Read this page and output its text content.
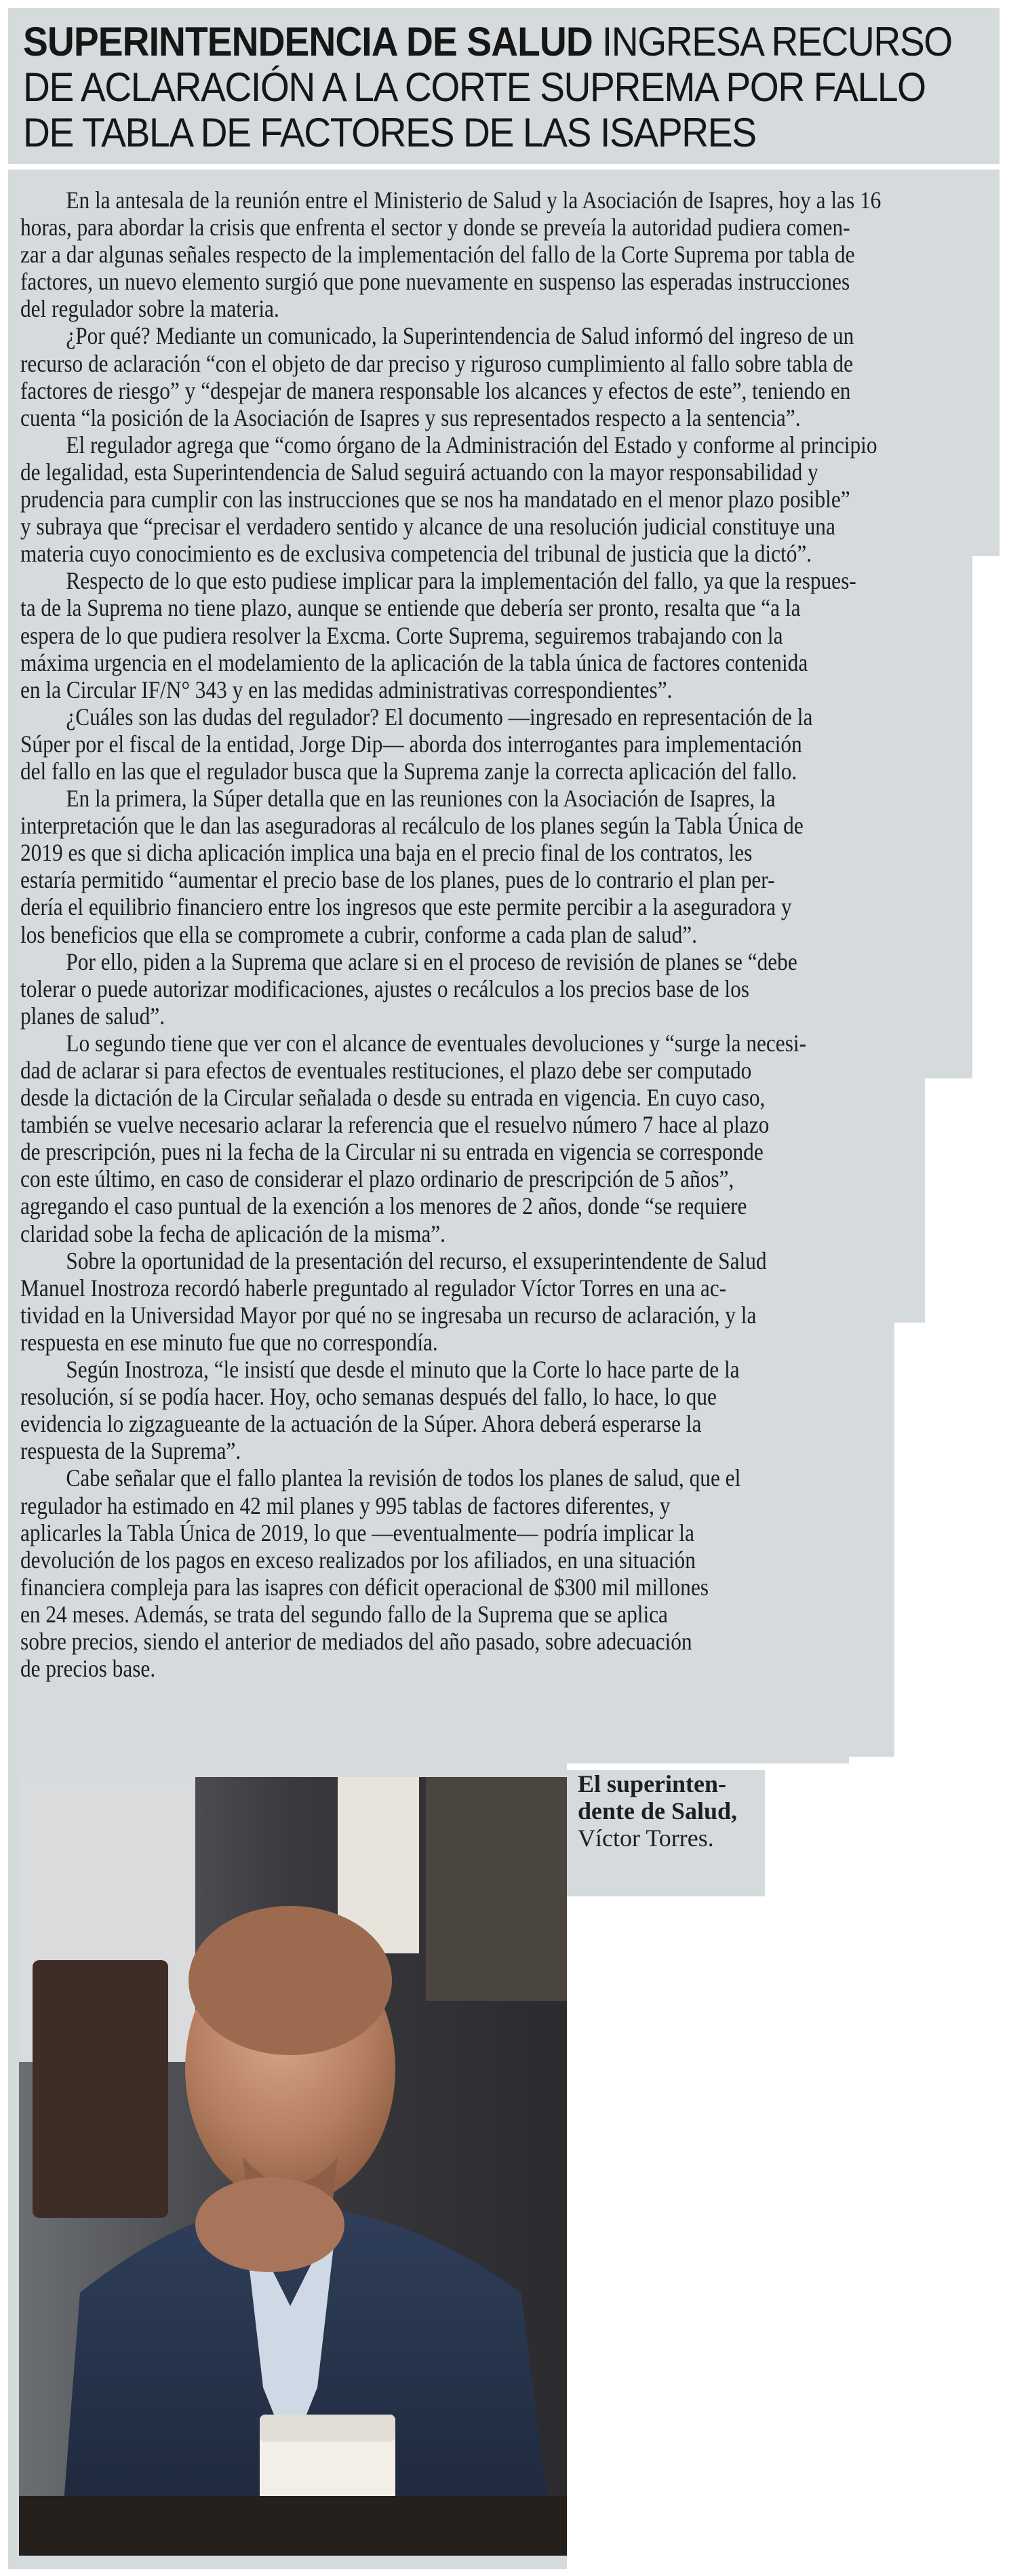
SUPERINTENDENCIA DE SALUD INGRESA RECURSO DE ACLARACIÓN A LA CORTE SUPREMA POR FALLO DE TABLA DE FACTORES DE LAS ISAPRES

En la antesala de la reunión entre el Ministerio de Salud y la Asociación de Isapres, hoy a las 16

horas, para abordar la crisis que enfrenta el sector y donde se preveía la autoridad pudiera comen-

zar a dar algunas señales respecto de la implementación del fallo de la Corte Suprema por tabla de

factores, un nuevo elemento surgió que pone nuevamente en suspenso las esperadas instrucciones

del regulador sobre la materia.

¿Por qué? Mediante un comunicado, la Superintendencia de Salud informó del ingreso de un

recurso de aclaración “con el objeto de dar preciso y riguroso cumplimiento al fallo sobre tabla de

factores de riesgo” y “despejar de manera responsable los alcances y efectos de este”, teniendo en

cuenta “la posición de la Asociación de Isapres y sus representados respecto a la sentencia”.

El regulador agrega que “como órgano de la Administración del Estado y conforme al principio

de legalidad, esta Superintendencia de Salud seguirá actuando con la mayor responsabilidad y

prudencia para cumplir con las instrucciones que se nos ha mandatado en el menor plazo posible”

y subraya que “precisar el verdadero sentido y alcance de una resolución judicial constituye una

materia cuyo conocimiento es de exclusiva competencia del tribunal de justicia que la dictó”.

Respecto de lo que esto pudiese implicar para la implementación del fallo, ya que la respues-

ta de la Suprema no tiene plazo, aunque se entiende que debería ser pronto, resalta que “a la

espera de lo que pudiera resolver la Excma. Corte Suprema, seguiremos trabajando con la

máxima urgencia en el modelamiento de la aplicación de la tabla única de factores contenida

en la Circular IF/N° 343 y en las medidas administrativas correspondientes”.

¿Cuáles son las dudas del regulador? El documento —ingresado en representación de la

Súper por el fiscal de la entidad, Jorge Dip— aborda dos interrogantes para implementación

del fallo en las que el regulador busca que la Suprema zanje la correcta aplicación del fallo.

En la primera, la Súper detalla que en las reuniones con la Asociación de Isapres, la

interpretación que le dan las aseguradoras al recálculo de los planes según la Tabla Única de

2019 es que si dicha aplicación implica una baja en el precio final de los contratos, les

estaría permitido “aumentar el precio base de los planes, pues de lo contrario el plan per-

dería el equilibrio financiero entre los ingresos que este permite percibir a la aseguradora y

los beneficios que ella se compromete a cubrir, conforme a cada plan de salud”.

Por ello, piden a la Suprema que aclare si en el proceso de revisión de planes se “debe

tolerar o puede autorizar modificaciones, ajustes o recálculos a los precios base de los

planes de salud”.

Lo segundo tiene que ver con el alcance de eventuales devoluciones y “surge la necesi-

dad de aclarar si para efectos de eventuales restituciones, el plazo debe ser computado

desde la dictación de la Circular señalada o desde su entrada en vigencia. En cuyo caso,

también se vuelve necesario aclarar la referencia que el resuelvo número 7 hace al plazo

de prescripción, pues ni la fecha de la Circular ni su entrada en vigencia se corresponde

con este último, en caso de considerar el plazo ordinario de prescripción de 5 años”,

agregando el caso puntual de la exención a los menores de 2 años, donde “se requiere

claridad sobe la fecha de aplicación de la misma”.

Sobre la oportunidad de la presentación del recurso, el exsuperintendente de Salud

Manuel Inostroza recordó haberle preguntado al regulador Víctor Torres en una ac-

tividad en la Universidad Mayor por qué no se ingresaba un recurso de aclaración, y la

respuesta en ese minuto fue que no correspondía.

Según Inostroza, “le insistí que desde el minuto que la Corte lo hace parte de la

resolución, sí se podía hacer. Hoy, ocho semanas después del fallo, lo hace, lo que

evidencia lo zigzagueante de la actuación de la Súper. Ahora deberá esperarse la

respuesta de la Suprema”.

Cabe señalar que el fallo plantea la revisión de todos los planes de salud, que el

regulador ha estimado en 42 mil planes y 995 tablas de factores diferentes, y

aplicarles la Tabla Única de 2019, lo que —eventualmente— podría implicar la

devolución de los pagos en exceso realizados por los afiliados, en una situación

financiera compleja para las isapres con déficit operacional de $300 mil millones

en 24 meses. Además, se trata del segundo fallo de la Suprema que se aplica

sobre precios, siendo el anterior de mediados del año pasado, sobre adecuación

de precios base.

El superinten-
dente de Salud,
Víctor Torres.
